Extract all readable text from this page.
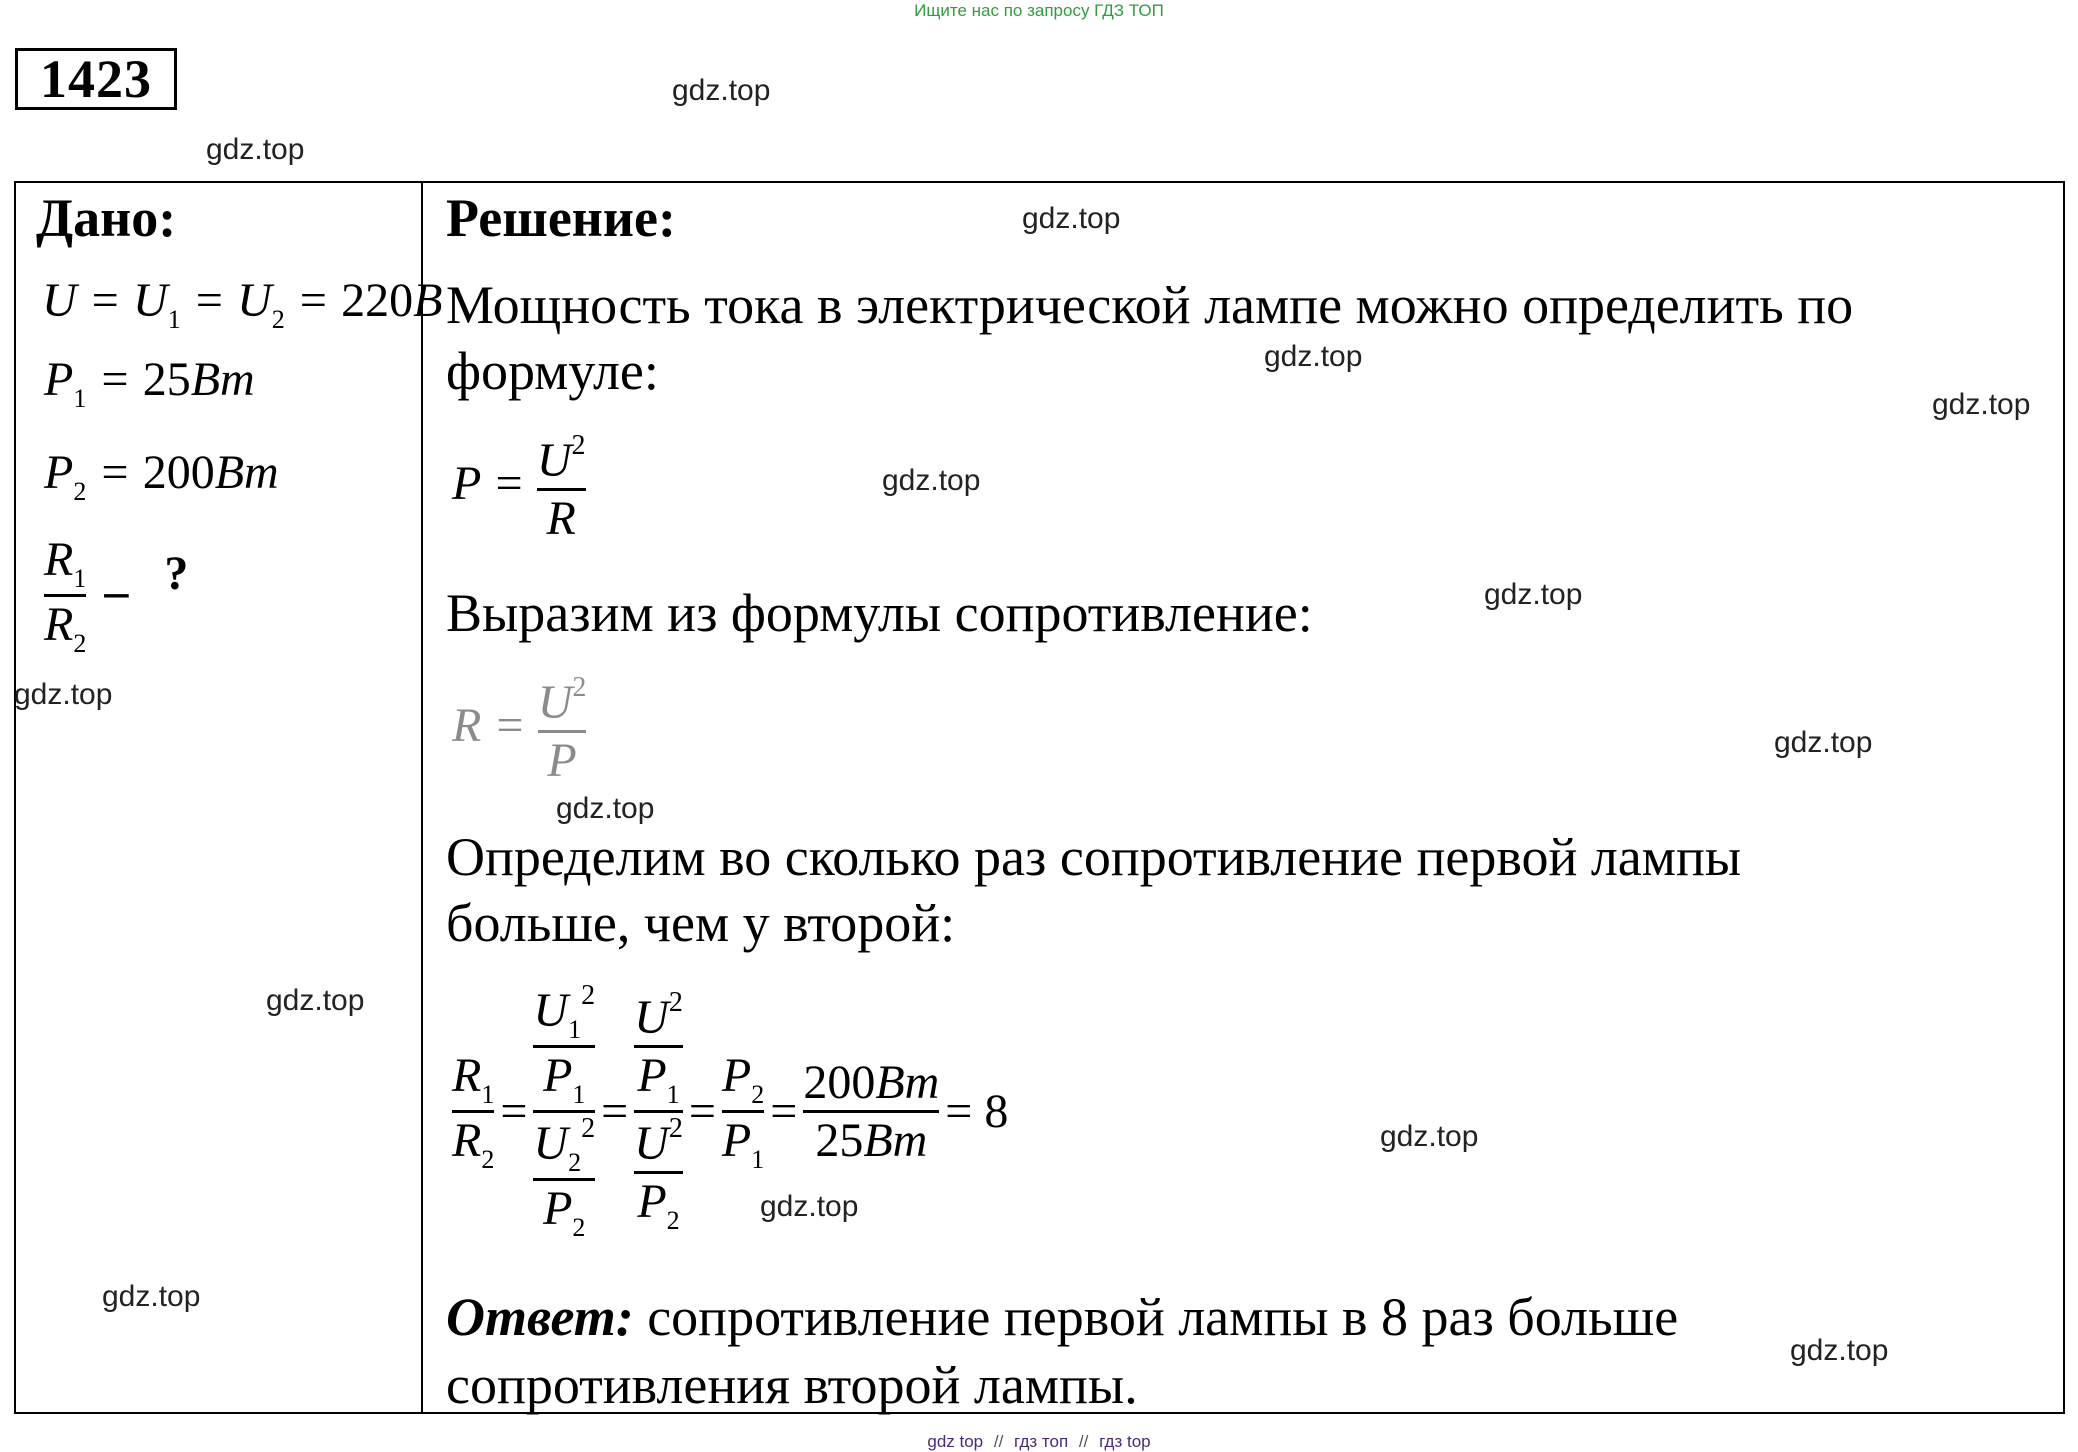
Ищите нас по запросу ГДЗ ТОП
1423
Дано:
$U = U_1 = U_2 = 220B$
$P_1 = 25Bm$
$P_2 = 200Bm$
$\frac{R_1}{R_2}$ – ?
Решение:
Мощность тока в электрической лампе можно определить по
формуле:
$P = \frac{U^2}{R}$
Выразим из формулы сопротивление:
$R = \frac{U^2}{P}$
Определим во сколько раз сопротивление первой лампы
больше, чем у второй:
$\frac{R_1}{R_2} = \frac{\frac{U_1^2}{P_1}}{\frac{U_2^2}{P_2}} = \frac{\frac{U^2}{P_1}}{\frac{U^2}{P_2}} = \frac{P_2}{P_1} = \frac{200Bm}{25Bm} = 8$
Ответ: сопротивление первой лампы в 8 раз больше
сопротивления второй лампы.
gdz.top
gdz.top
gdz.top
gdz.top
gdz.top
gdz.top
gdz.top
gdz.top
gdz.top
gdz.top
gdz.top
gdz.top
gdz.top
gdz.top
gdz.top
gdz top // гдз топ // гдз top
